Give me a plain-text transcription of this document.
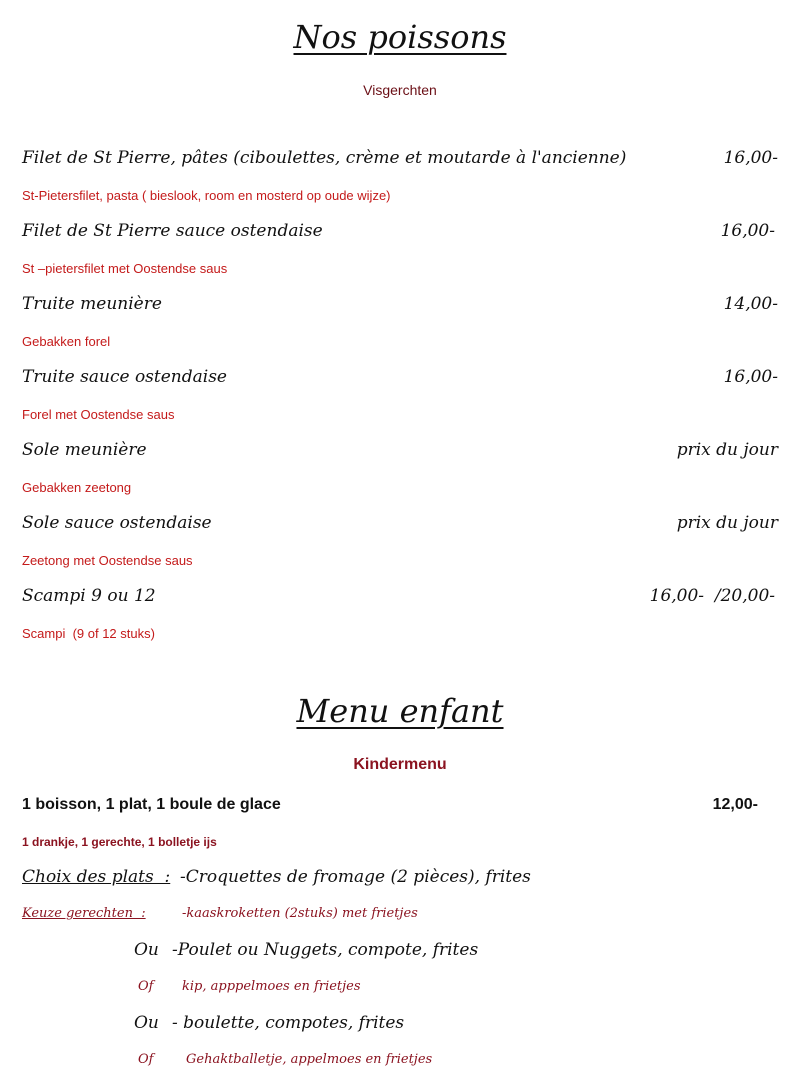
Nos poissons
Visgerchten
Filet de St Pierre, pâtes (ciboulettes, crème et moutarde à l'ancienne)	16,00-
St-Pietersfilet, pasta ( bieslook, room en mosterd op oude wijze)
Filet de St Pierre sauce ostendaise	16,00-
St –pietersfilet met Oostendse saus
Truite meunière	14,00-
Gebakken forel
Truite sauce ostendaise	16,00-
Forel met Oostendse saus
Sole meunière	prix du jour
Gebakken zeetong
Sole sauce ostendaise	prix du jour
Zeetong met Oostendse saus
Scampi 9 ou 12	16,00-  /20,00-
Scampi  (9 of 12 stuks)
Menu enfant
Kindermenu
1 boisson, 1 plat, 1 boule de glace	12,00-
1 drankje, 1 gerechte, 1 bolletje ijs
Choix des plats  : -Croquettes de fromage (2 pièces), frites
Keuze gerechten  :	-kaaskroketten (2stuks) met frietjes
Ou -Poulet ou Nuggets, compote, frites
Of kip, apppelmoes en frietjes
Ou - boulette, compotes, frites
Of	Gehaktballetje, appelmoes en frietjes
